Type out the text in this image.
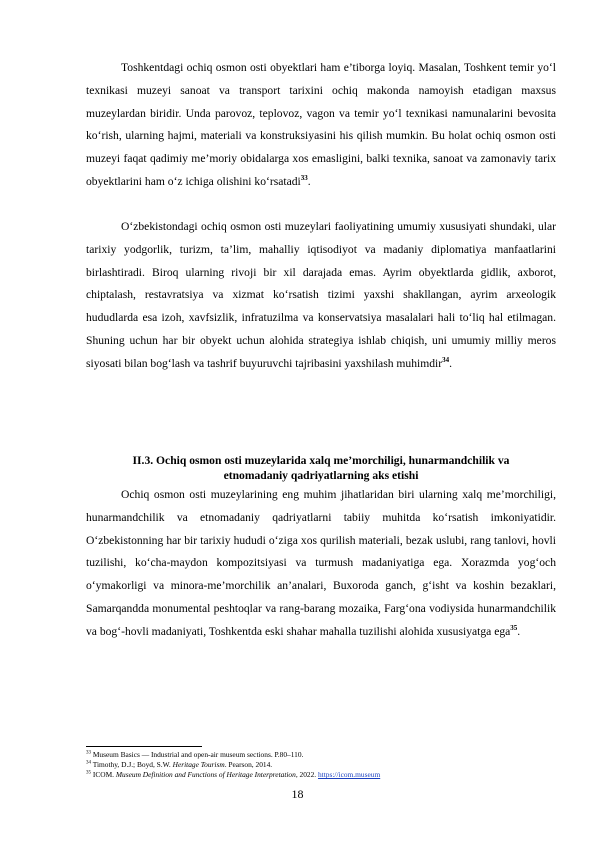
Toshkentdagi ochiq osmon osti obyektlari ham e’tiborga loyiq. Masalan, Toshkent temir yo‘l texnikasi muzeyi sanoat va transport tarixini ochiq makonda namoyish etadigan maxsus muzeylardan biridir. Unda parovoz, teplovoz, vagon va temir yo‘l texnikasi namunalarini bevosita ko‘rish, ularning hajmi, materiali va konstruksiyasini his qilish mumkin. Bu holat ochiq osmon osti muzeyi faqat qadimiy me’moriy obidalarga xos emasligini, balki texnika, sanoat va zamonaviy tarix obyektlarini ham o‘z ichiga olishini ko‘rsatadi$^{33}$.

O‘zbekistondagi ochiq osmon osti muzeylari faoliyatining umumiy xususiyati shundaki, ular tarixiy yodgorlik, turizm, ta’lim, mahalliy iqtisodiyot va madaniy diplomatiya manfaatlarini birlashtiradi. Biroq ularning rivoji bir xil darajada emas. Ayrim obyektlarda gidlik, axborot, chiptalash, restavratsiya va xizmat ko‘rsatish tizimi yaxshi shakllangan, ayrim arxeologik hududlarda esa izoh, xavfsizlik, infratuzilma va konservatsiya masalalari hali to‘liq hal etilmagan. Shuning uchun har bir obyekt uchun alohida strategiya ishlab chiqish, uni umumiy milliy meros siyosati bilan bog‘lash va tashrif buyuruvchi tajribasini yaxshilash muhimdir$^{34}$.

II.3. Ochiq osmon osti muzeylarida xalq me’morchiligi, hunarmandchilik va
etnomadaniy qadriyatlarning aks etishi

Ochiq osmon osti muzeylarining eng muhim jihatlaridan biri ularning xalq me’morchiligi, hunarmandchilik va etnomadaniy qadriyatlarni tabiiy muhitda ko‘rsatish imkoniyatidir. O‘zbekistonning har bir tarixiy hududi o‘ziga xos qurilish materiali, bezak uslubi, rang tanlovi, hovli tuzilishi, ko‘cha-maydon kompozitsiyasi va turmush madaniyatiga ega. Xorazmda yog‘och o‘ymakorligi va minora-me’morchilik an’analari, Buxoroda ganch, g‘isht va koshin bezaklari, Samarqandda monumental peshtoqlar va rang-barang mozaika, Farg‘ona vodiysida hunarmandchilik va bog‘-hovli madaniyati, Toshkentda eski shahar mahalla tuzilishi alohida xususiyatga ega$^{35}$.

$^{33}$ Museum Basics — Industrial and open-air museum sections. P.80–110.
$^{34}$ Timothy, D.J.; Boyd, S.W. Heritage Tourism. Pearson, 2014.
$^{35}$ ICOM. Museum Definition and Functions of Heritage Interpretation, 2022. https://icom.museum
18
